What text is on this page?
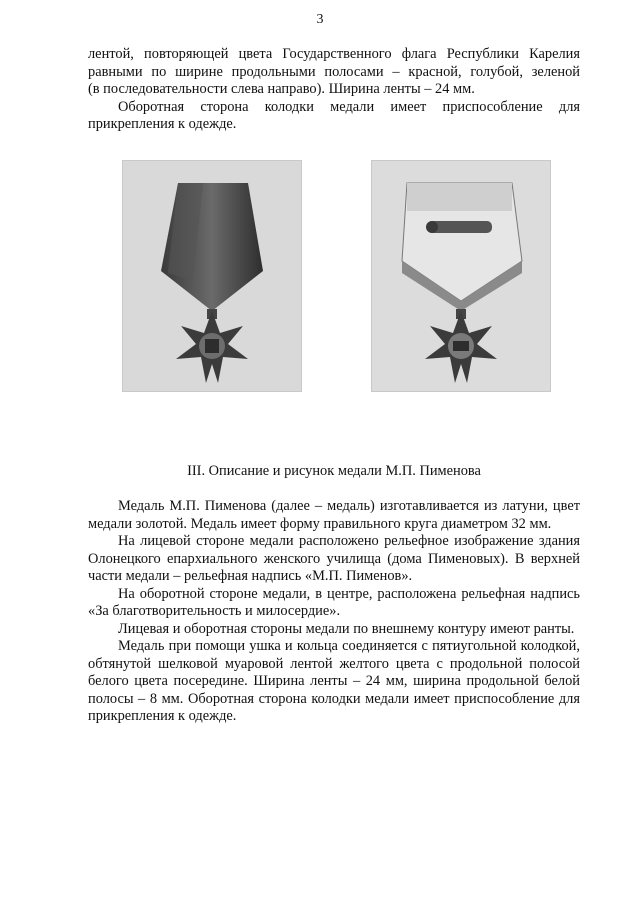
3

лентой, повторяющей цвета Государственного флага Республики Карелия

равными по ширине продольными полосами – красной, голубой, зеленой

(в последовательности слева направо). Ширина ленты – 24 мм.

Оборотная сторона колодки медали имеет приспособление для прикрепления к одежде.

III. Описание и рисунок медали М.П. Пименова

Медаль М.П. Пименова (далее – медаль) изготавливается из латуни, цвет медали золотой. Медаль имеет форму правильного круга диаметром 32 мм.

На лицевой стороне медали расположено рельефное изображение здания Олонецкого епархиального женского училища (дома Пименовых). В верхней части медали – рельефная надпись «М.П. Пименов».

На оборотной стороне медали, в центре, расположена рельефная надпись «За благотворительность и милосердие».

Лицевая и оборотная стороны медали по внешнему контуру имеют ранты.

Медаль при помощи ушка и кольца соединяется с пятиугольной колодкой, обтянутой шелковой муаровой лентой желтого цвета с продольной полосой белого цвета посередине. Ширина ленты – 24 мм, ширина продольной белой полосы – 8 мм. Оборотная сторона колодки медали имеет приспособление для прикрепления к одежде.
